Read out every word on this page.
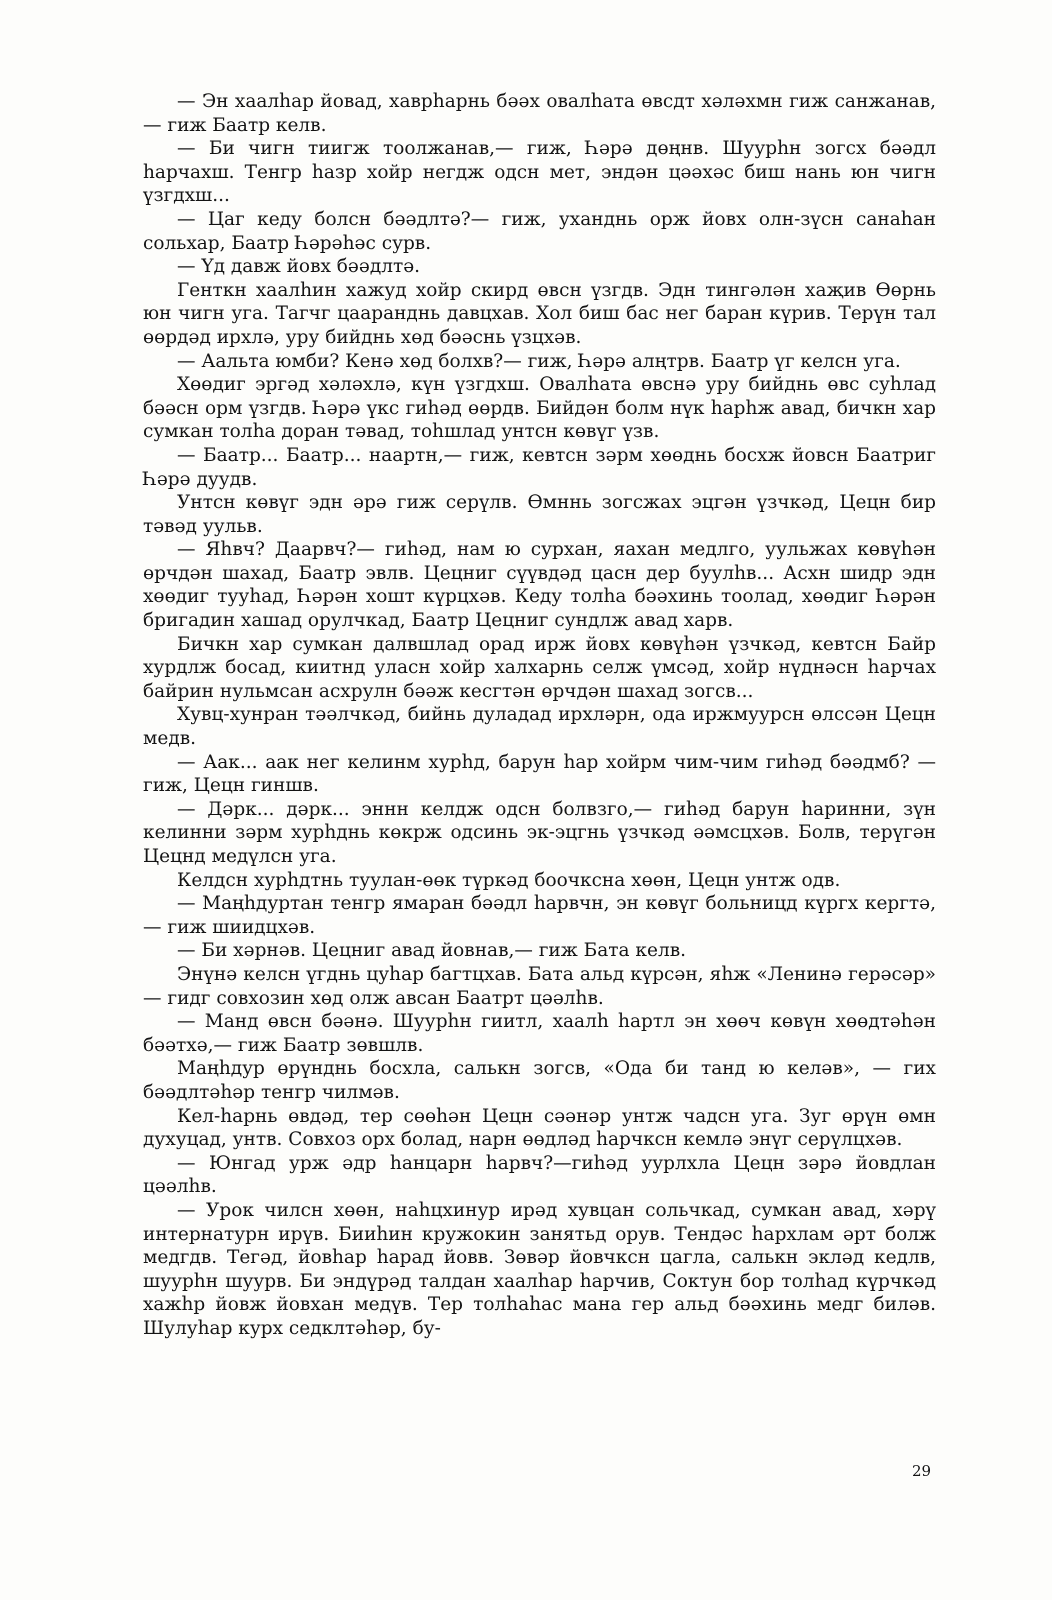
— Эн хаалһар йовад, хаврһарнь бәәх овалһата өвсдт хәләхмн гиж санжанав,— гиж Баатр келв.

— Би чигн тиигж тоолжанав,— гиж, Һәрә дөңнв. Шуурһн зогсх бәәдл һарчахш. Тенгр һазр хойр негдж одсн мет, эндән цәәхәс биш нань юн чигн үзгдхш...

— Цаг кеду болсн бәәдлтә?— гиж, уханднь орж йовх олн-зүсн санаһан сольхар, Баатр Һәрәһәс сурв.

— Үд давж йовх бәәдлтә.

Генткн хаалһин хажуд хойр скирд өвсн үзгдв. Эдн тингәлән хаҗив Өөрнь юн чигн уга. Тагчг цааранднь давцхав. Хол биш бас нег баран күрив. Терүн тал өөрдәд ирхлә, уру бийднь хөд бәәснь үзцхәв.

— Аальта юмби? Кенә хөд болхв?— гиж, Һәрә алңтрв. Баатр үг келсн уга.

Хөөдиг эргәд хәләхлә, күн үзгдхш. Овалһата өвснә уру бийднь өвс суһлад бәәсн орм үзгдв. Һәрә үкс гиһәд өөрдв. Бийдән болм нүк һарһж авад, бичкн хар сумкан толһа доран тәвад, тоһшлад унтсн көвүг үзв.

— Баатр... Баатр... наартн,— гиж, кевтсн зәрм хөөднь босхж йовсн Баатриг Һәрә дуудв.

Унтсн көвүг эдн әрә гиж серүлв. Өмннь зогсжах эцгән үзчкәд, Цецн бир тәвәд уульв.

— Яһвч? Даарвч?— гиһәд, нам ю сурхан, яахан медлго, уульжах көвүһән өрчдән шахад, Баатр эвлв. Цецниг сүүвдәд цасн дер буулһв... Асхн шидр эдн хөөдиг тууһад, Һәрән хошт күрцхәв. Кеду толһа бәәхинь тоолад, хөөдиг Һәрән бригадин хашад орулчкад, Баатр Цецниг сундлж авад харв.

Бичкн хар сумкан далвшлад орад ирж йовх көвүһән үзчкәд, кевтсн Байр хурдлж босад, киитнд уласн хойр халхарнь селж үмсәд, хойр нүднәсн һарчах байрин нульмсан асхрулн бәәж кесгтән өрчдән шахад зогсв...

Хувц-хунран тәәлчкәд, бийнь дуладад ирхләрн, ода иржмуурсн өлссән Цецн медв.

— Аак... аак нег келинм хурһд, барун һар хойрм чим-чим гиһәд бәәдмб? — гиж, Цецн гиншв.

— Дәрк... дәрк... эннн келдж одсн болвзго,— гиһәд барун һаринни, зүн келинни зәрм хурһднь көкрж одсинь эк-эцгнь үзчкәд әәмсцхәв. Болв, терүгән Цецнд медүлсн уга.

Келдсн хурһдтнь туулан-өөк түркәд боочксна хөөн, Цецн унтж одв.

— Маңһдуртан тенгр ямаран бәәдл һарвчн, эн көвүг больницд күргх кергтә,— гиж шиидцхәв.

— Би хәрнәв. Цецниг авад йовнав,— гиж Бата келв.

Энүнә келсн үгднь цуһар багтцхав. Бата альд күрсән, яһж «Ленинә герәсәр» — гидг совхозин хөд олж авсан Баатрт цәәлһв.

— Манд өвсн бәәнә. Шуурһн гиитл, хаалһ һартл эн хөөч көвүн хөөдтәһән бәәтхә,— гиж Баатр зөвшлв.

Маңһдур өрүнднь босхла, салькн зогсв, «Ода би танд ю келәв», — гих бәәдлтәһәр тенгр чилмәв.

Кел-һарнь өвдәд, тер сөөһән Цецн сәәнәр унтж чадсн уга. Зуг өрүн өмн духуцад, унтв. Совхоз орх болад, нарн өөдләд һарчксн кемлә энүг серүлцхәв.

— Юнгад урж әдр һанцарн һарвч?—гиһәд уурлхла Цецн зәрә йовдлан цәәлһв.

— Урок чилсн хөөн, наһцхинур ирәд хувцан сольчкад, сумкан авад, хәрү интернатурн ирүв. Бииһин кружокин занятьд орув. Тендәс һархлам әрт болж медгдв. Тегәд, йовһар һарад йовв. Зөвәр йовчксн цагла, салькн экләд кедлв, шуурһн шуурв. Би эндүрәд талдан хаалһар һарчив, Соктун бор толһад күрчкәд хажһр йовж йовхан медүв. Тер толһаһас мана гер альд бәәхинь медг биләв. Шулуһар курх седклтәһәр, бу-

29
